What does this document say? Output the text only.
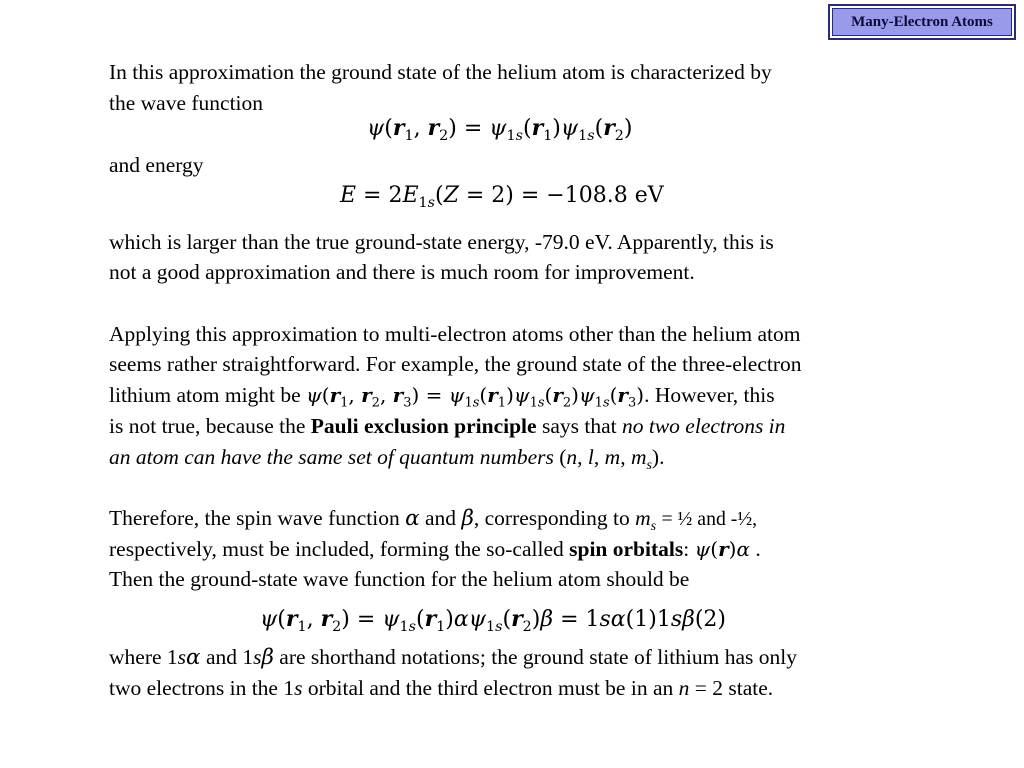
Many-Electron Atoms
In this approximation the ground state of the helium atom is characterized by
the wave function
$\psi(r_1$, $r_2) = \psi_{1s}(r_1)\psi_{1s}(r_2)$
and energy
$E = 2E_{1s}(Z = 2) = -108.8$ eV
which is larger than the true ground-state energy, -79.0 eV. Apparently, this is
not a good approximation and there is much room for improvement.
Applying this approximation to multi-electron atoms other than the helium atom
seems rather straightforward. For example, the ground state of the three-electron
lithium atom might be $\psi(r_1$, $r_2$, $r_3) = \psi_{1s}(r_1)\psi_{1s}(r_2)\psi_{1s}(r_3)$. However, this
is not true, because the Pauli exclusion principle says that no two electrons in
an atom can have the same set of quantum numbers (n, l, m, $m_s$).
Therefore, the spin wave function α and β, corresponding to $m_s$ = ½ and -½,
respectively, must be included, forming the so-called spin orbitals: ψ(r)α .
Then the ground-state wave function for the helium atom should be
$\psi(r_1$, $r_2) = \psi_{1s}(r_1)\alpha\psi_{1s}(r_2)\beta = 1s\alpha(1)1s\beta(2)$
where 1sα and 1sβ are shorthand notations; the ground state of lithium has only
two electrons in the 1s orbital and the third electron must be in an n = 2 state.
